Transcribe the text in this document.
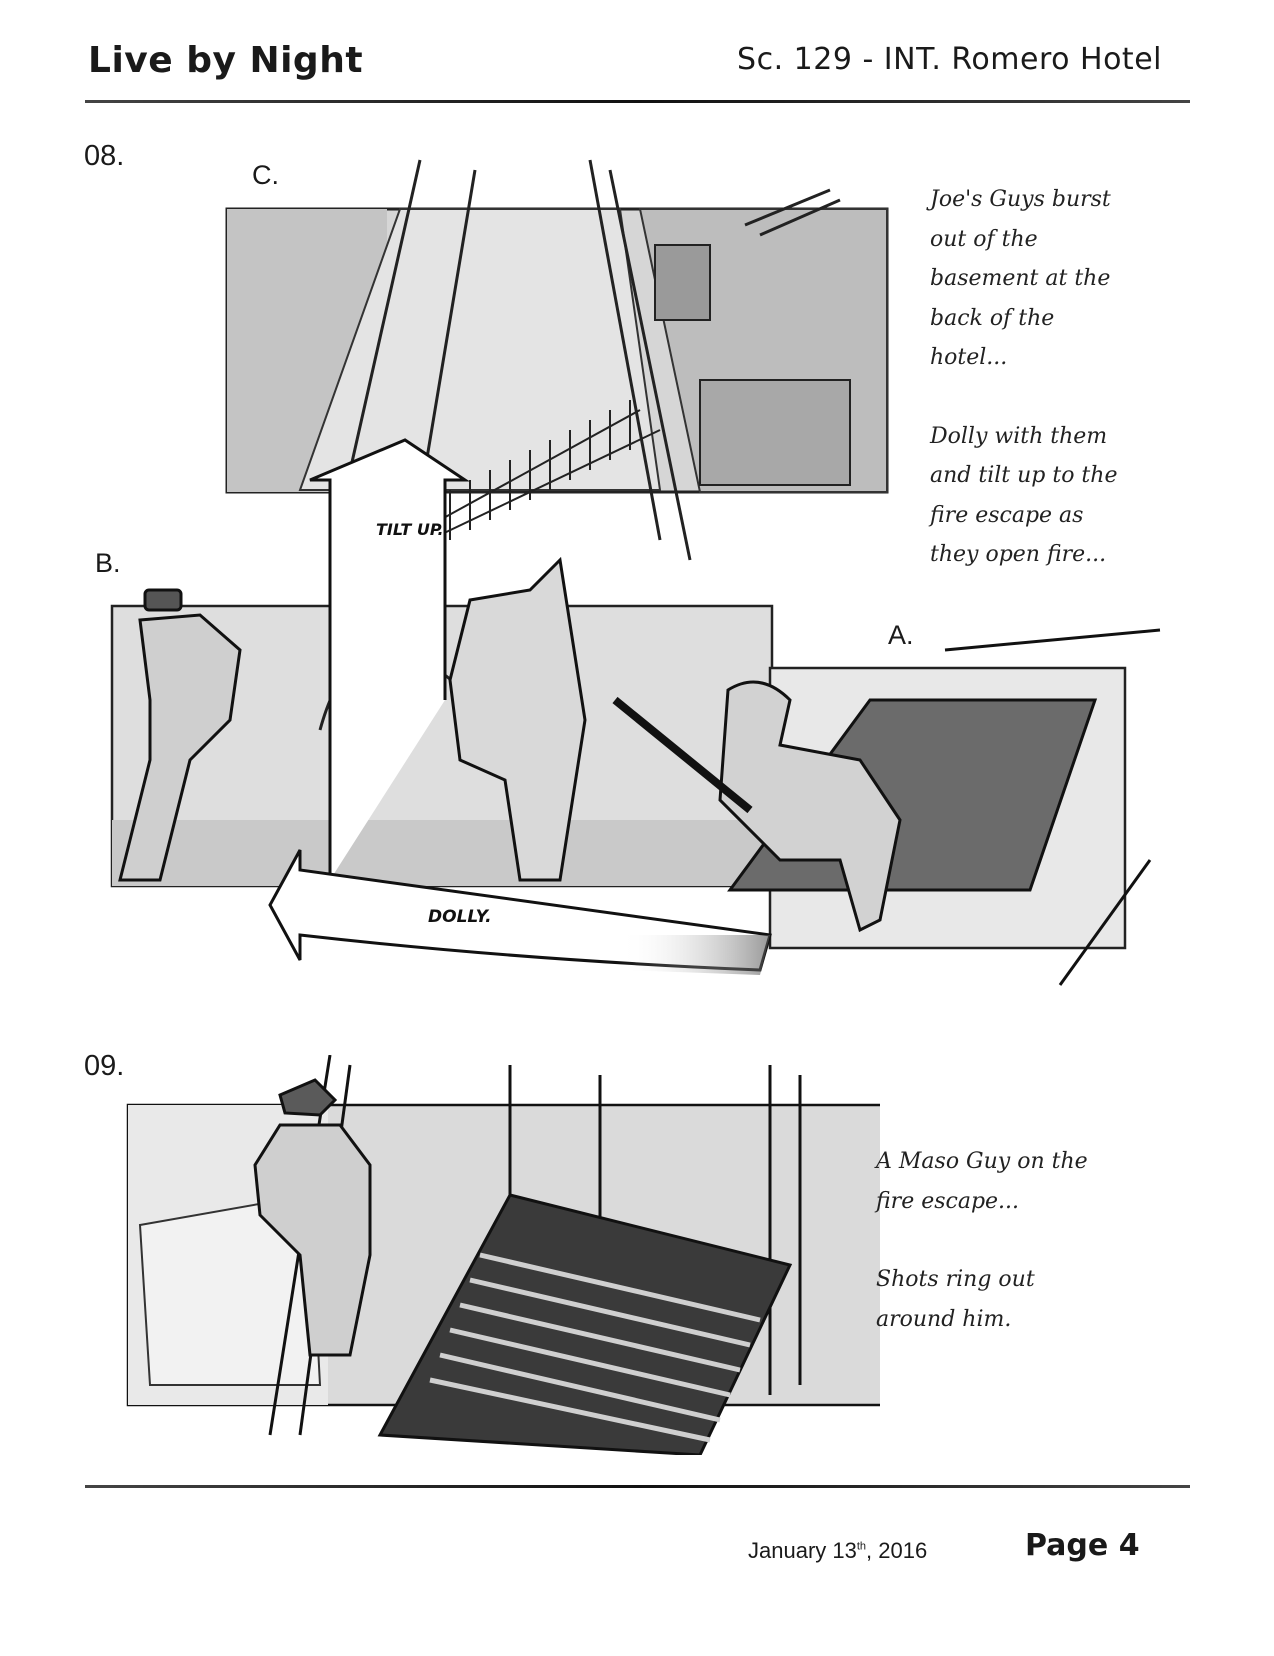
Live by Night	Sc. 129 - INT. Romero Hotel
08.
C.
B.
A.
TILT UP.
DOLLY.

Joe's Guys burst
out of the
basement at the
back of the
hotel...

Dolly with them
and tilt up to the
fire escape as
they open fire...

09.

A Maso Guy on the
fire escape...

Shots ring out
around him.

January 13th, 2016	Page 4
